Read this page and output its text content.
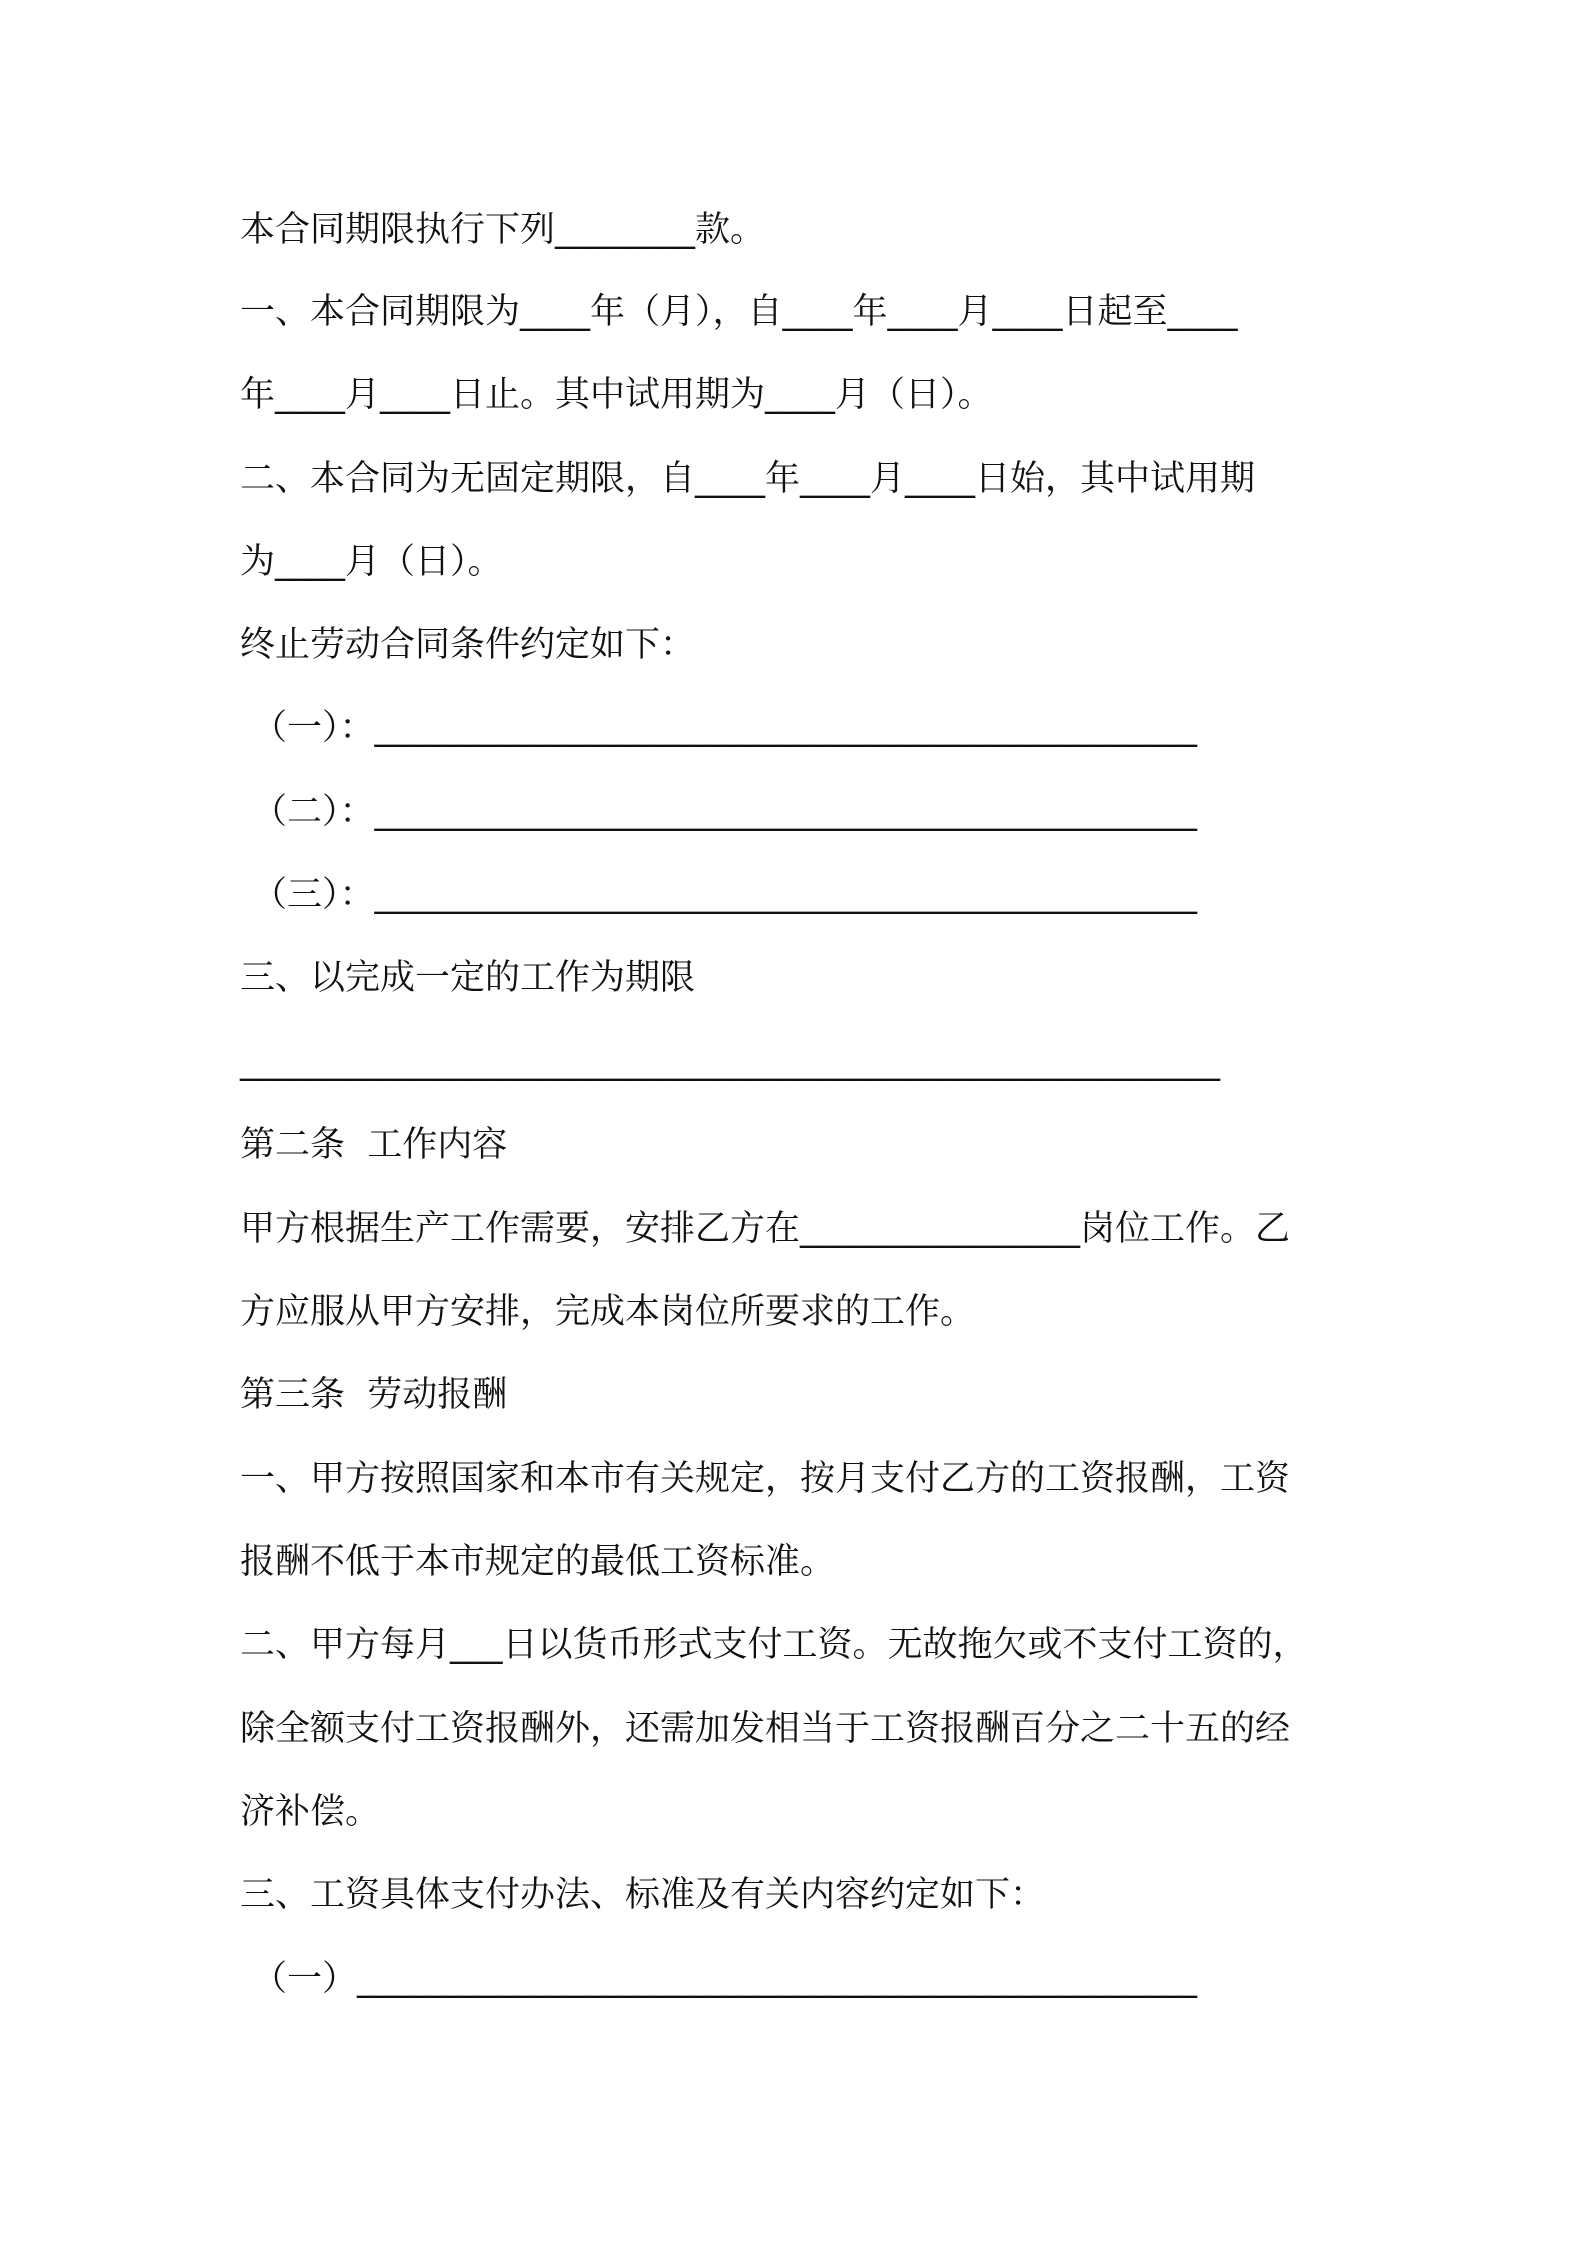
本合同期限执行下列________款。
一、本合同期限为____年（月），自____年____月____日起至____
年____月____日止。其中试用期为____月（日）。
二、本合同为无固定期限，自____年____月____日始，其中试用期
为____月（日）。
终止劳动合同条件约定如下：
（一）：_______________________________________________
（二）：_______________________________________________
（三）：_______________________________________________
三、以完成一定的工作为期限
________________________________________________________
第二条  工作内容
甲方根据生产工作需要，安排乙方在________________岗位工作。乙
方应服从甲方安排，完成本岗位所要求的工作。
第三条  劳动报酬
一、甲方按照国家和本市有关规定，按月支付乙方的工资报酬，工资
报酬不低于本市规定的最低工资标准。
二、甲方每月___日以货币形式支付工资。无故拖欠或不支付工资的，
除全额支付工资报酬外，还需加发相当于工资报酬百分之二十五的经
济补偿。
三、工资具体支付办法、标准及有关内容约定如下：
（一）________________________________________________
